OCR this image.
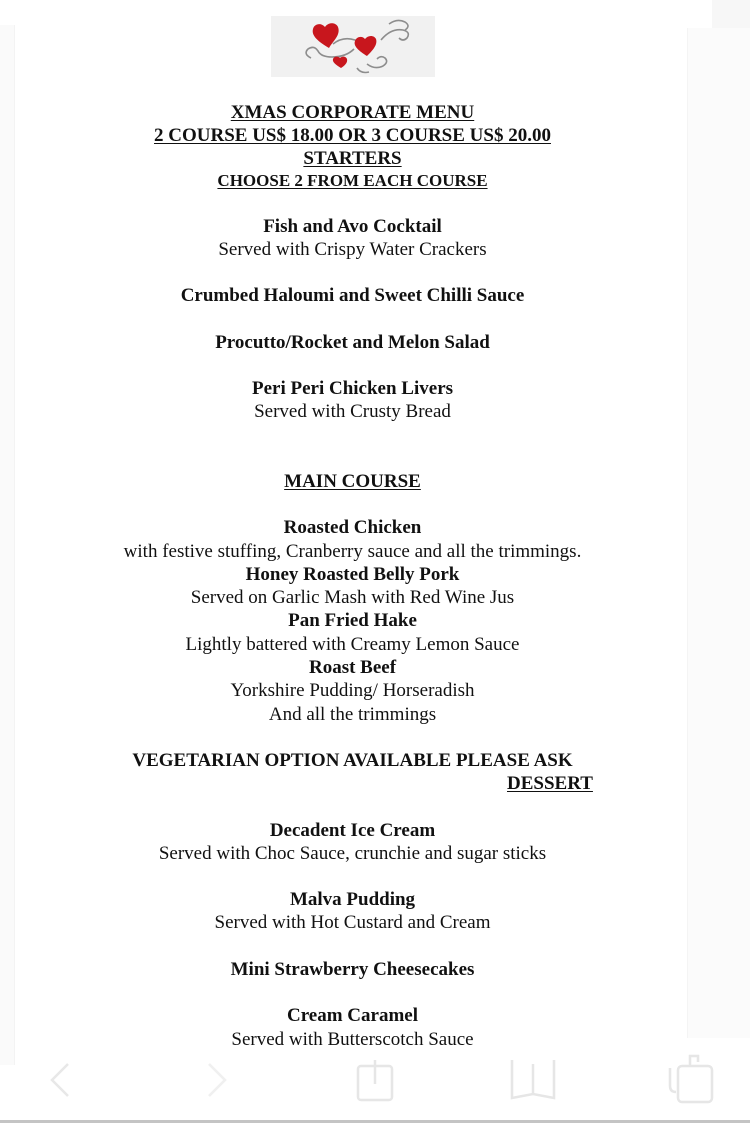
XMAS CORPORATE MENU
2 COURSE US$ 18.00 OR 3 COURSE US$ 20.00
STARTERS
CHOOSE 2 FROM EACH COURSE
Fish and Avo Cocktail
Served with Crispy Water Crackers
Crumbed Haloumi and Sweet Chilli Sauce
Procutto/Rocket and Melon Salad
Peri Peri Chicken Livers
Served with Crusty Bread
MAIN COURSE
Roasted Chicken
with festive stuffing, Cranberry sauce and all the trimmings.
Honey Roasted Belly Pork
Served on Garlic Mash with Red Wine Jus
Pan Fried Hake
Lightly battered with Creamy Lemon Sauce
Roast Beef
Yorkshire Pudding/ Horseradish
And all the trimmings
VEGETARIAN OPTION AVAILABLE PLEASE ASK
DESSERT
Decadent Ice Cream
Served with Choc Sauce, crunchie and sugar sticks
Malva Pudding
Served with Hot Custard and Cream
Mini Strawberry Cheesecakes
Cream Caramel
Served with Butterscotch Sauce
